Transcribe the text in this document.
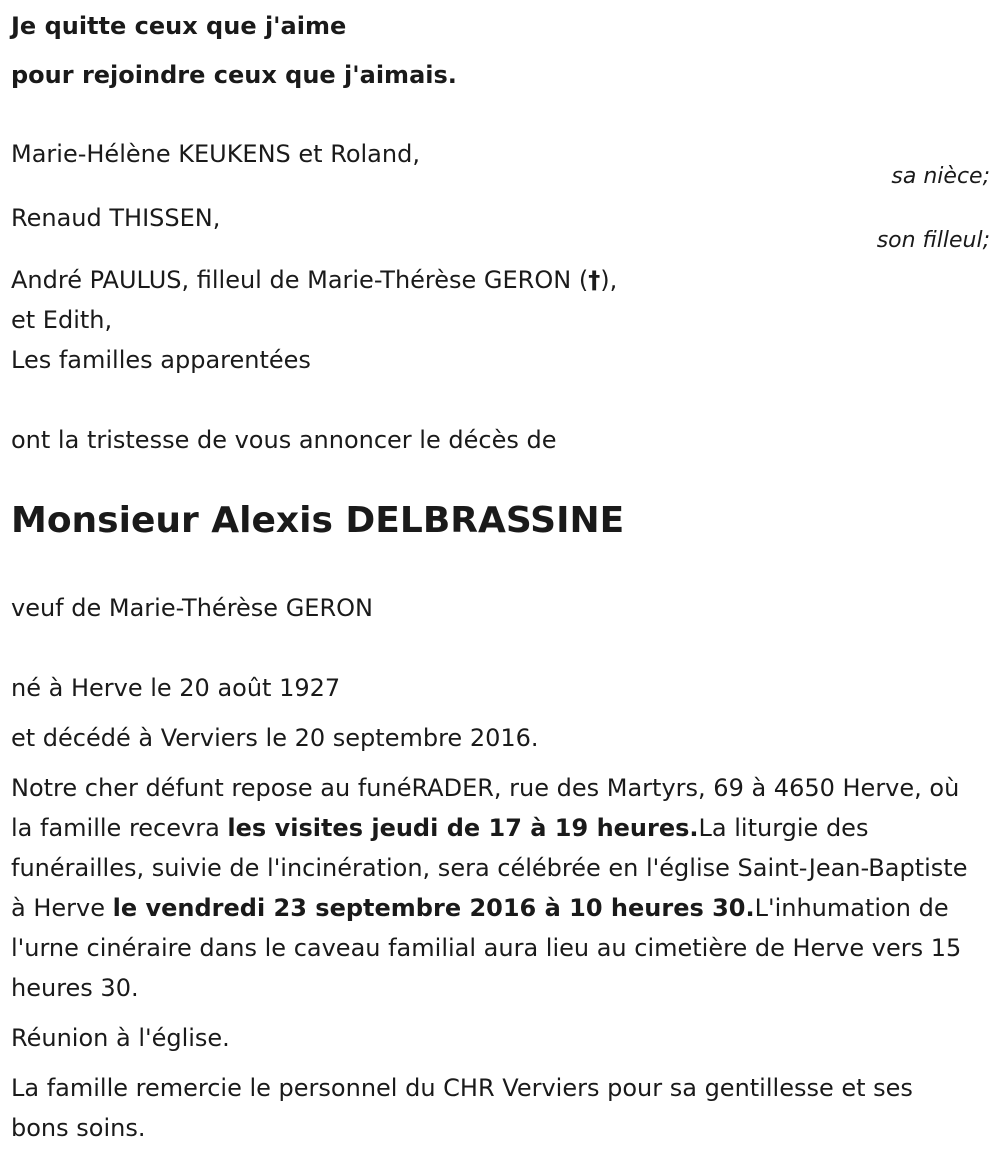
Je quitte ceux que j'aime
pour rejoindre ceux que j'aimais.
Marie-Hélène KEUKENS et Roland,
sa nièce;
Renaud THISSEN,
son filleul;
André PAULUS, filleul de Marie-Thérèse GERON (†),
et Edith,
Les familles apparentées
ont la tristesse de vous annoncer le décès de
Monsieur Alexis DELBRASSINE
veuf de Marie-Thérèse GERON
né à Herve le 20 août 1927
et décédé à Verviers le 20 septembre 2016.
Notre cher défunt repose au funéRADER, rue des Martyrs, 69 à 4650 Herve, où la famille recevra les visites jeudi de 17 à 19 heures.La liturgie des funérailles, suivie de l'incinération, sera célébrée en l'église Saint-Jean-Baptiste à Herve le vendredi 23 septembre 2016 à 10 heures 30.L'inhumation de l'urne cinéraire dans le caveau familial aura lieu au cimetière de Herve vers 15 heures 30.
Réunion à l'église.
La famille remercie le personnel du CHR Verviers pour sa gentillesse et ses bons soins.
